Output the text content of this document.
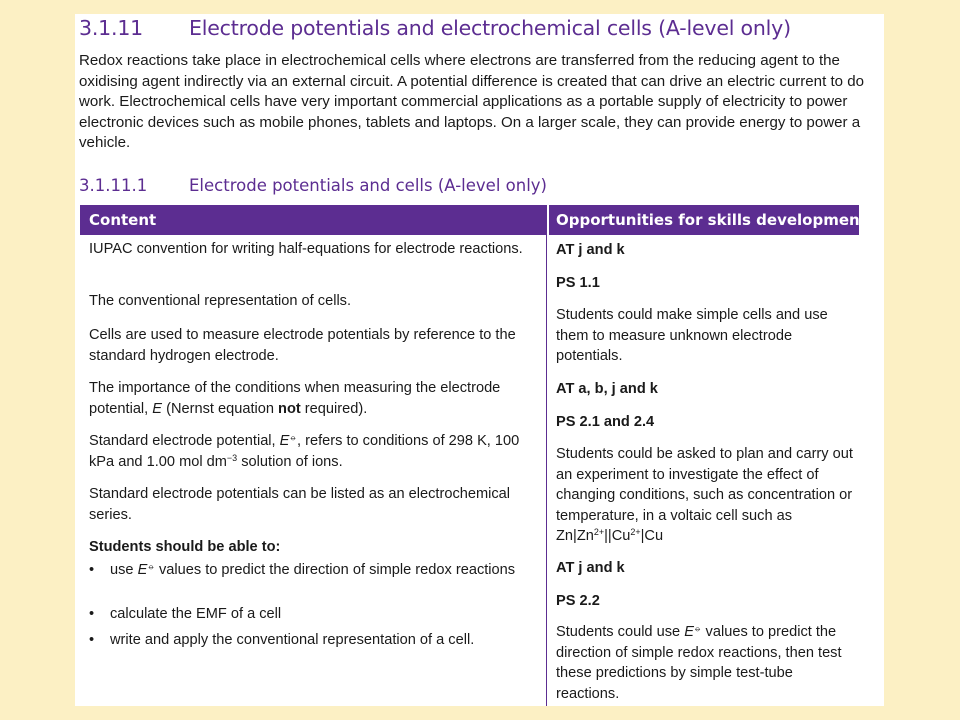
3.1.11 Electrode potentials and electrochemical cells (A-level only)

Redox reactions take place in electrochemical cells where electrons are transferred from the reducing agent to the oxidising agent indirectly via an external circuit. A potential difference is created that can drive an electric current to do work. Electrochemical cells have very important commercial applications as a portable supply of electricity to power electronic devices such as mobile phones, tablets and laptops. On a larger scale, they can provide energy to power a vehicle.

3.1.11.1	Electrode potentials and cells (A-level only)
Content	Opportunities for skills development

IUPAC convention for writing half-equations for electrode reactions.

The conventional representation of cells.

Cells are used to measure electrode potentials by reference to the standard hydrogen electrode.

The importance of the conditions when measuring the electrode potential, E (Nernst equation not required).

Standard electrode potential, E⦵, refers to conditions of 298 K, 100 kPa and 1.00 mol $dm^{-3}$ solution of ions.

Standard electrode potentials can be listed as an electrochemical series.

Students should be able to:

• use E⦵ values to predict the direction of simple redox reactions

• calculate the EMF of a cell

• write and apply the conventional representation of a cell.

AT j and k

PS 1.1

Students could make simple cells and use them to measure unknown electrode potentials.

AT a, b, j and k

PS 2.1 and 2.4

Students could be asked to plan and carry out an experiment to investigate the effect of changing conditions, such as concentration or temperature, in a voltaic cell such as $Zn|Zn^{2+}||Cu^{2+}|Cu$

AT j and k

PS 2.2

Students could use E⦵ values to predict the direction of simple redox reactions, then test these predictions by simple test-tube reactions.
